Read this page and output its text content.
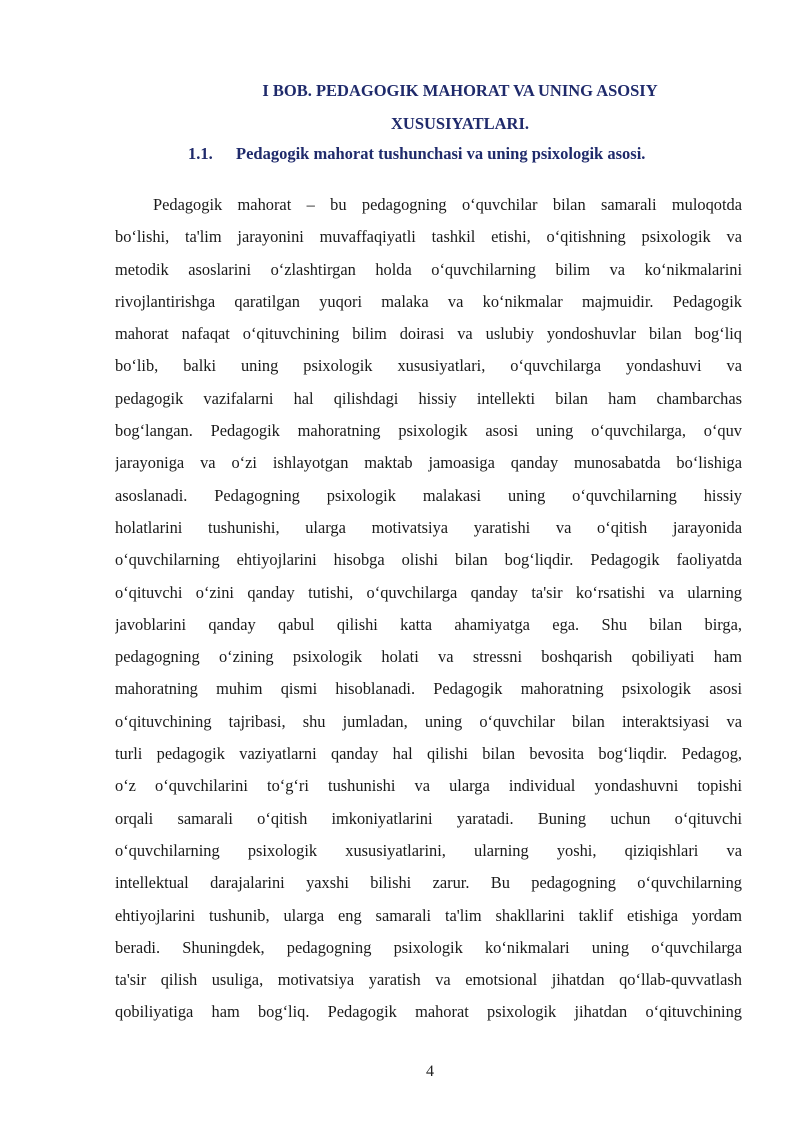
I BOB. PEDAGOGIK MAHORAT VA UNING ASOSIY
XUSUSIYATLARI.
1.1. Pedagogik mahorat tushunchasi va uning psixologik asosi.
Pedagogik mahorat – bu pedagogning oʻquvchilar bilan samarali muloqotda
boʻlishi, ta'lim jarayonini muvaffaqiyatli tashkil etishi, oʻqitishning psixologik va
metodik asoslarini oʻzlashtirgan holda oʻquvchilarning bilim va koʻnikmalarini
rivojlantirishga qaratilgan yuqori malaka va koʻnikmalar majmuidir. Pedagogik
mahorat nafaqat oʻqituvchining bilim doirasi va uslubiy yondoshuvlar bilan bogʻliq
boʻlib, balki uning psixologik xususiyatlari, oʻquvchilarga yondashuvi va
pedagogik vazifalarni hal qilishdagi hissiy intellekti bilan ham chambarchas
bogʻlangan. Pedagogik mahoratning psixologik asosi uning oʻquvchilarga, oʻquv
jarayoniga va oʻzi ishlayotgan maktab jamoasiga qanday munosabatda boʻlishiga
asoslanadi. Pedagogning psixologik malakasi uning oʻquvchilarning hissiy
holatlarini tushunishi, ularga motivatsiya yaratishi va oʻqitish jarayonida
oʻquvchilarning ehtiyojlarini hisobga olishi bilan bogʻliqdir. Pedagogik faoliyatda
oʻqituvchi oʻzini qanday tutishi, oʻquvchilarga qanday ta'sir koʻrsatishi va ularning
javoblarini qanday qabul qilishi katta ahamiyatga ega. Shu bilan birga,
pedagogning oʻzining psixologik holati va stressni boshqarish qobiliyati ham
mahoratning muhim qismi hisoblanadi. Pedagogik mahoratning psixologik asosi
oʻqituvchining tajribasi, shu jumladan, uning oʻquvchilar bilan interaktsiyasi va
turli pedagogik vaziyatlarni qanday hal qilishi bilan bevosita bogʻliqdir. Pedagog,
oʻz oʻquvchilarini toʻgʻri tushunishi va ularga individual yondashuvni topishi
orqali samarali oʻqitish imkoniyatlarini yaratadi. Buning uchun oʻqituvchi
oʻquvchilarning psixologik xususiyatlarini, ularning yoshi, qiziqishlari va
intellektual darajalarini yaxshi bilishi zarur. Bu pedagogning oʻquvchilarning
ehtiyojlarini tushunib, ularga eng samarali ta'lim shakllarini taklif etishiga yordam
beradi. Shuningdek, pedagogning psixologik koʻnikmalari uning oʻquvchilarga
ta'sir qilish usuliga, motivatsiya yaratish va emotsional jihatdan qoʻllab-quvvatlash
qobiliyatiga ham bogʻliq. Pedagogik mahorat psixologik jihatdan oʻqituvchining
4
